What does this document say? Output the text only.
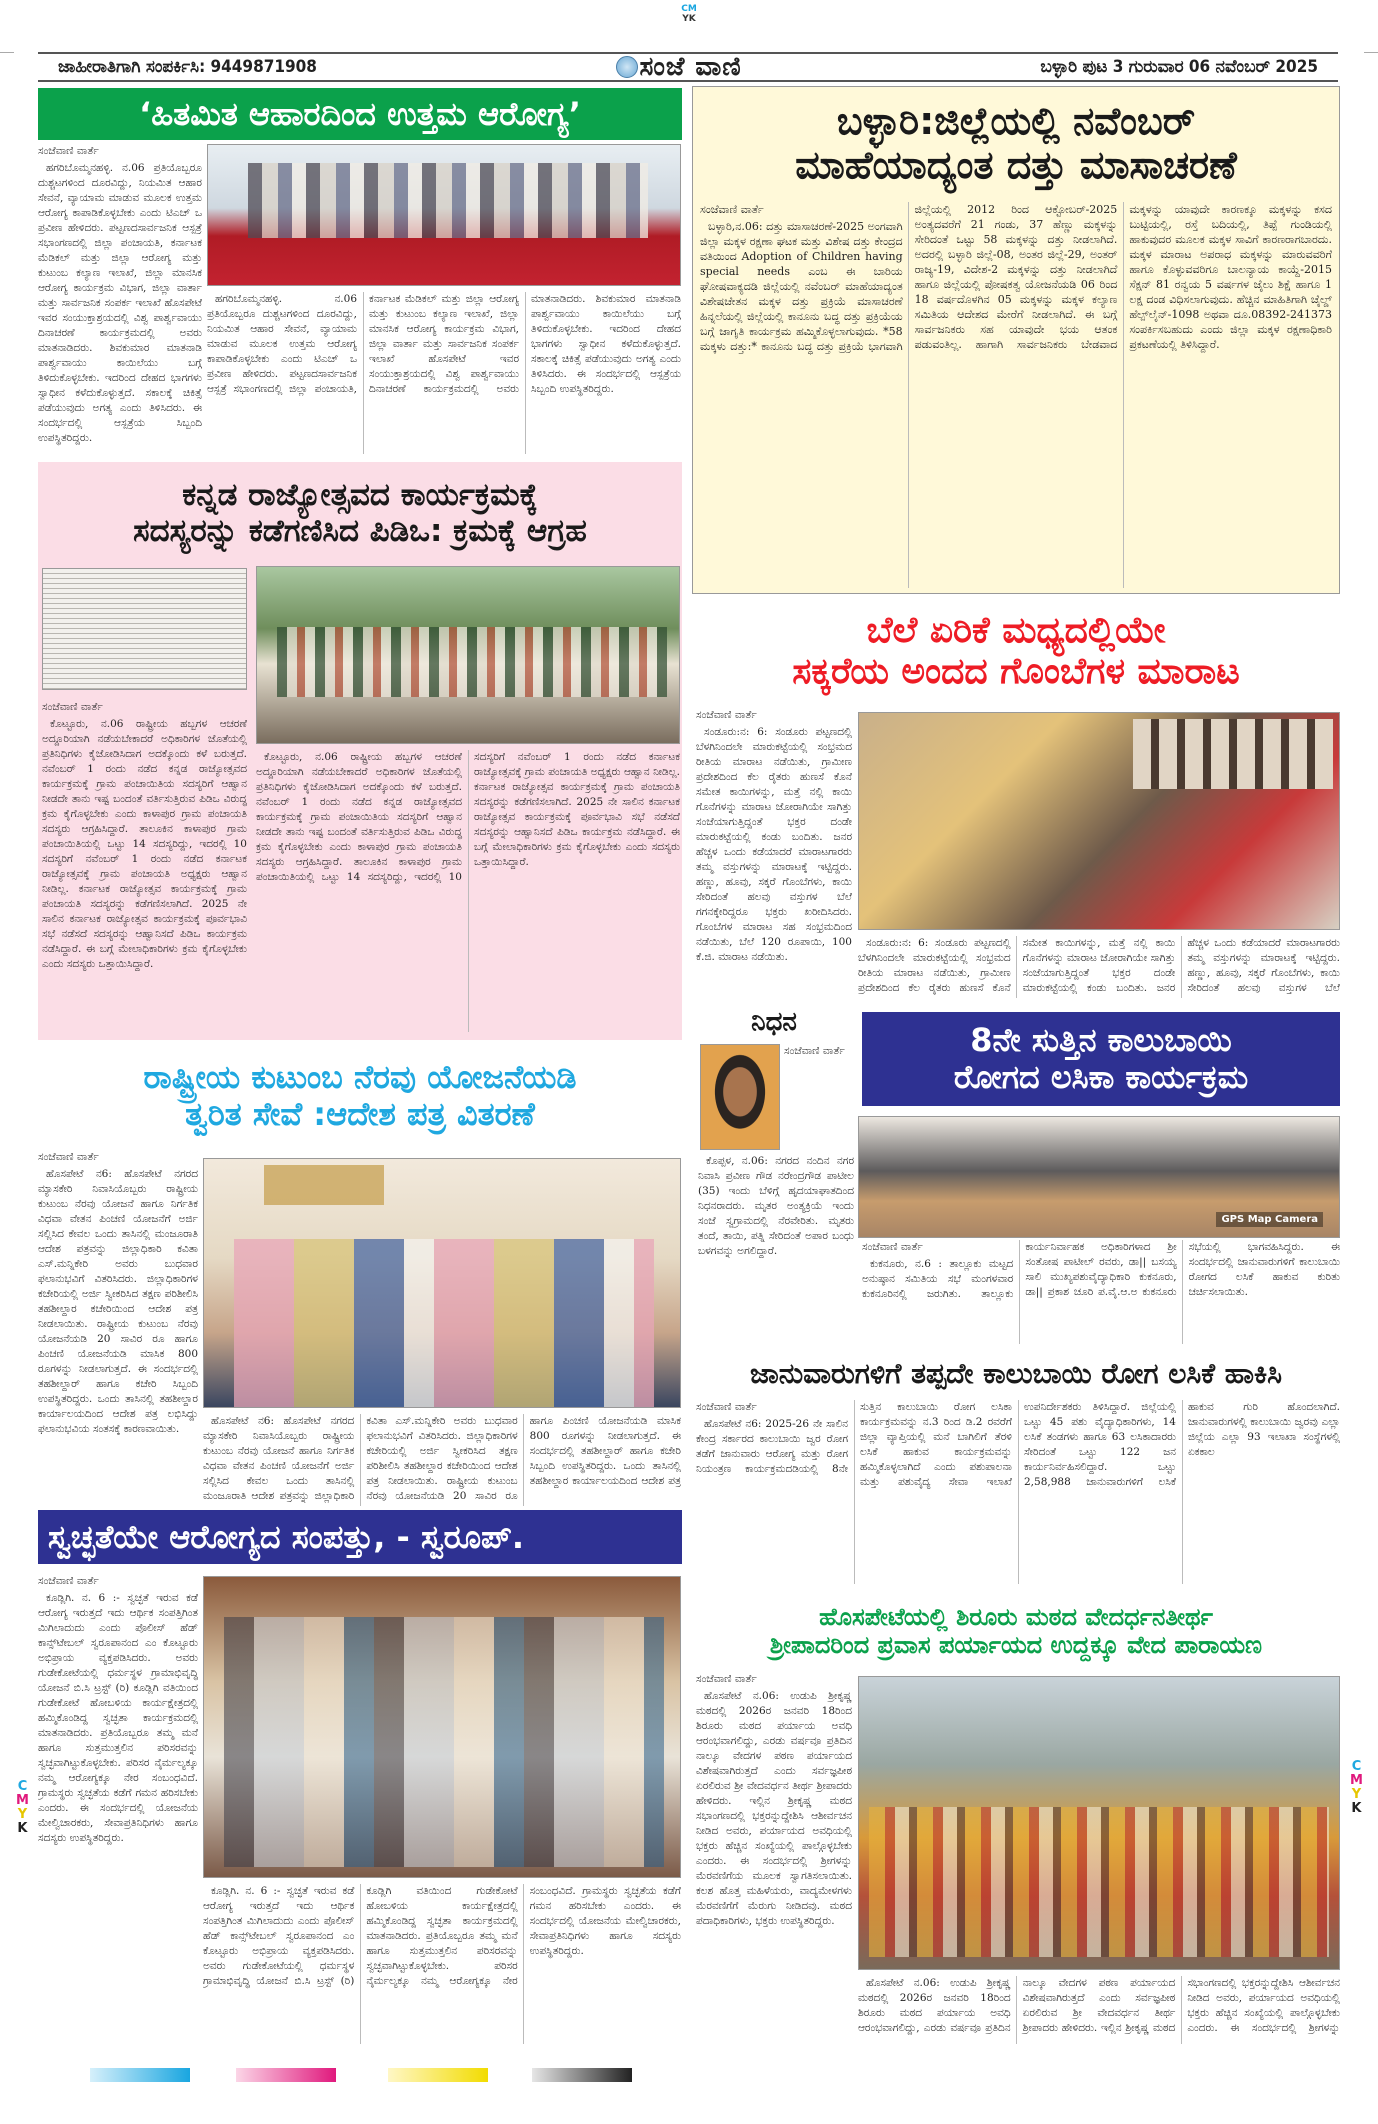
CM
YK
ಜಾಹೀರಾತಿಗಾಗಿ ಸಂಪರ್ಕಿಸಿ: 9449871908	ಸಂಜೆ ವಾಣಿ	ಬಳ್ಳಾರಿ ಪುಟ 3 ಗುರುವಾರ 06 ನವೆಂಬರ್ 2025
‘ಹಿತಮಿತ ಆಹಾರದಿಂದ ಉತ್ತಮ ಆರೋಗ್ಯ’

ಸಂಜೆವಾಣಿ ವಾರ್ತೆ

ಹಗರಿಬೊಮ್ಮನಹಳ್ಳಿ. ನ.06 ಪ್ರತಿಯೊಬ್ಬರೂ ದುಶ್ಚಟಗಳಿಂದ ದೂರವಿದ್ದು, ನಿಯಮಿತ ಆಹಾರ ಸೇವನೆ, ವ್ಯಾಯಾಮ ಮಾಡುವ ಮೂಲಕ ಉತ್ತಮ ಆರೋಗ್ಯ ಕಾಪಾಡಿಕೊಳ್ಳಬೇಕು ಎಂದು ಟಿಎಚ್ ಒ ಪ್ರವೀಣ ಹೇಳಿದರು. ಪಟ್ಟಣದಸಾರ್ವಜನಿಕ ಆಸ್ಪತ್ರೆ ಸಭಾಂಗಣದಲ್ಲಿ ಜಿಲ್ಲಾ ಪಂಚಾಯತಿ, ಕರ್ನಾಟಕ ಮೆಡಿಕಲ್ ಮತ್ತು ಜಿಲ್ಲಾ ಆರೋಗ್ಯ ಮತ್ತು ಕುಟುಂಬ ಕಲ್ಯಾಣ ಇಲಾಖೆ, ಜಿಲ್ಲಾ ಮಾನಸಿಕ ಆರೋಗ್ಯ ಕಾರ್ಯಕ್ರಮ ವಿಭಾಗ, ಜಿಲ್ಲಾ ವಾರ್ತಾ ಮತ್ತು ಸಾರ್ವಜನಿಕ ಸಂಪರ್ಕ ಇಲಾಖೆ ಹೊಸಪೇಟೆ ಇವರ ಸಂಯುಕ್ತಾಶ್ರಯದಲ್ಲಿ ವಿಶ್ವ ಪಾರ್ಶ್ವವಾಯು ದಿನಾಚರಣೆ ಕಾರ್ಯಕ್ರಮದಲ್ಲಿ ಅವರು ಮಾತನಾಡಿದರು. ಶಿವಕುಮಾರ ಮಾತನಾಡಿ ಪಾರ್ಶ್ವವಾಯು ಕಾಯಿಲೆಯು ಬಗ್ಗೆ ತಿಳಿದುಕೊಳ್ಳಬೇಕು. ಇದರಿಂದ ದೇಹದ ಭಾಗಗಳು ಸ್ವಾಧೀನ ಕಳೆದುಕೊಳ್ಳುತ್ತದೆ. ಸಕಾಲಕ್ಕೆ ಚಿಕಿತ್ಸೆ ಪಡೆಯುವುದು ಅಗತ್ಯ ಎಂದು ತಿಳಿಸಿದರು. ಈ ಸಂದರ್ಭದಲ್ಲಿ ಆಸ್ಪತ್ರೆಯ ಸಿಬ್ಬಂದಿ ಉಪಸ್ಥಿತರಿದ್ದರು.

ಹಗರಿಬೊಮ್ಮನಹಳ್ಳಿ. ನ.06 ಪ್ರತಿಯೊಬ್ಬರೂ ದುಶ್ಚಟಗಳಿಂದ ದೂರವಿದ್ದು, ನಿಯಮಿತ ಆಹಾರ ಸೇವನೆ, ವ್ಯಾಯಾಮ ಮಾಡುವ ಮೂಲಕ ಉತ್ತಮ ಆರೋಗ್ಯ ಕಾಪಾಡಿಕೊಳ್ಳಬೇಕು ಎಂದು ಟಿಎಚ್ ಒ ಪ್ರವೀಣ ಹೇಳಿದರು. ಪಟ್ಟಣದಸಾರ್ವಜನಿಕ ಆಸ್ಪತ್ರೆ ಸಭಾಂಗಣದಲ್ಲಿ ಜಿಲ್ಲಾ ಪಂಚಾಯತಿ, ಕರ್ನಾಟಕ ಮೆಡಿಕಲ್ ಮತ್ತು ಜಿಲ್ಲಾ ಆರೋಗ್ಯ ಮತ್ತು ಕುಟುಂಬ ಕಲ್ಯಾಣ ಇಲಾಖೆ, ಜಿಲ್ಲಾ ಮಾನಸಿಕ ಆರೋಗ್ಯ ಕಾರ್ಯಕ್ರಮ ವಿಭಾಗ, ಜಿಲ್ಲಾ ವಾರ್ತಾ ಮತ್ತು ಸಾರ್ವಜನಿಕ ಸಂಪರ್ಕ ಇಲಾಖೆ ಹೊಸಪೇಟೆ ಇವರ ಸಂಯುಕ್ತಾಶ್ರಯದಲ್ಲಿ ವಿಶ್ವ ಪಾರ್ಶ್ವವಾಯು ದಿನಾಚರಣೆ ಕಾರ್ಯಕ್ರಮದಲ್ಲಿ ಅವರು ಮಾತನಾಡಿದರು. ಶಿವಕುಮಾರ ಮಾತನಾಡಿ ಪಾರ್ಶ್ವವಾಯು ಕಾಯಿಲೆಯು ಬಗ್ಗೆ ತಿಳಿದುಕೊಳ್ಳಬೇಕು. ಇದರಿಂದ ದೇಹದ ಭಾಗಗಳು ಸ್ವಾಧೀನ ಕಳೆದುಕೊಳ್ಳುತ್ತದೆ. ಸಕಾಲಕ್ಕೆ ಚಿಕಿತ್ಸೆ ಪಡೆಯುವುದು ಅಗತ್ಯ ಎಂದು ತಿಳಿಸಿದರು. ಈ ಸಂದರ್ಭದಲ್ಲಿ ಆಸ್ಪತ್ರೆಯ ಸಿಬ್ಬಂದಿ ಉಪಸ್ಥಿತರಿದ್ದರು.

ಕನ್ನಡ ರಾಜ್ಯೋತ್ಸವದ ಕಾರ್ಯಕ್ರಮಕ್ಕೆ
ಸದಸ್ಯರನ್ನು ಕಡೆಗಣಿಸಿದ ಪಿಡಿಒ: ಕ್ರಮಕ್ಕೆ ಆಗ್ರಹ

ಸಂಜೆವಾಣಿ ವಾರ್ತೆ

ಕೊಟ್ಟೂರು, ನ.06 ರಾಷ್ಟ್ರೀಯ ಹಬ್ಬಗಳ ಆಚರಣೆ ಅದ್ದೂರಿಯಾಗಿ ನಡೆಯಬೇಕಾದರೆ ಅಧಿಕಾರಿಗಳ ಜೊತೆಯಲ್ಲಿ ಪ್ರತಿನಿಧಿಗಳು ಕೈಜೋಡಿಸಿದಾಗ ಅದಕ್ಕೊಂದು ಕಳೆ ಬರುತ್ತದೆ. ನವೆಂಬರ್ 1 ರಂದು ನಡೆದ ಕನ್ನಡ ರಾಜ್ಯೋತ್ಸವದ ಕಾರ್ಯಕ್ರಮಕ್ಕೆ ಗ್ರಾಮ ಪಂಚಾಯಿತಿಯ ಸದಸ್ಯರಿಗೆ ಆಹ್ವಾನ ನೀಡದೇ ತಾನು ಇಷ್ಟ ಬಂದಂತೆ ವರ್ತಿಸುತ್ತಿರುವ ಪಿಡಿಒ ವಿರುದ್ಧ ಕ್ರಮ ಕೈಗೊಳ್ಳಬೇಕು ಎಂದು ಕಾಳಾಪುರ ಗ್ರಾಮ ಪಂಚಾಯತಿ ಸದಸ್ಯರು ಆಗ್ರಹಿಸಿದ್ದಾರೆ. ತಾಲೂಕಿನ ಕಾಳಾಪುರ ಗ್ರಾಮ ಪಂಚಾಯಿತಿಯಲ್ಲಿ ಒಟ್ಟು 14 ಸದಸ್ಯರಿದ್ದು, ಇದರಲ್ಲಿ 10 ಸದಸ್ಯರಿಗೆ ನವೆಂಬರ್ 1 ರಂದು ನಡೆದ ಕರ್ನಾಟಕ ರಾಜ್ಯೋತ್ಸವಕ್ಕೆ ಗ್ರಾಮ ಪಂಚಾಯತಿ ಅಧ್ಯಕ್ಷರು ಆಹ್ವಾನ ನೀಡಿಲ್ಲ. ಕರ್ನಾಟಕ ರಾಜ್ಯೋತ್ಸವ ಕಾರ್ಯಕ್ರಮಕ್ಕೆ ಗ್ರಾಮ ಪಂಚಾಯತಿ ಸದಸ್ಯರನ್ನು ಕಡೆಗಣಿಸಲಾಗಿದೆ. 2025 ನೇ ಸಾಲಿನ ಕರ್ನಾಟಕ ರಾಜ್ಯೋತ್ಸವ ಕಾರ್ಯಕ್ರಮಕ್ಕೆ ಪೂರ್ವಭಾವಿ ಸಭೆ ನಡೆಸದೆ ಸದಸ್ಯರನ್ನು ಆಹ್ವಾನಿಸದೆ ಪಿಡಿಒ ಕಾರ್ಯಕ್ರಮ ನಡೆಸಿದ್ದಾರೆ. ಈ ಬಗ್ಗೆ ಮೇಲಾಧಿಕಾರಿಗಳು ಕ್ರಮ ಕೈಗೊಳ್ಳಬೇಕು ಎಂದು ಸದಸ್ಯರು ಒತ್ತಾಯಿಸಿದ್ದಾರೆ.

ಕೊಟ್ಟೂರು, ನ.06 ರಾಷ್ಟ್ರೀಯ ಹಬ್ಬಗಳ ಆಚರಣೆ ಅದ್ದೂರಿಯಾಗಿ ನಡೆಯಬೇಕಾದರೆ ಅಧಿಕಾರಿಗಳ ಜೊತೆಯಲ್ಲಿ ಪ್ರತಿನಿಧಿಗಳು ಕೈಜೋಡಿಸಿದಾಗ ಅದಕ್ಕೊಂದು ಕಳೆ ಬರುತ್ತದೆ. ನವೆಂಬರ್ 1 ರಂದು ನಡೆದ ಕನ್ನಡ ರಾಜ್ಯೋತ್ಸವದ ಕಾರ್ಯಕ್ರಮಕ್ಕೆ ಗ್ರಾಮ ಪಂಚಾಯಿತಿಯ ಸದಸ್ಯರಿಗೆ ಆಹ್ವಾನ ನೀಡದೇ ತಾನು ಇಷ್ಟ ಬಂದಂತೆ ವರ್ತಿಸುತ್ತಿರುವ ಪಿಡಿಒ ವಿರುದ್ಧ ಕ್ರಮ ಕೈಗೊಳ್ಳಬೇಕು ಎಂದು ಕಾಳಾಪುರ ಗ್ರಾಮ ಪಂಚಾಯತಿ ಸದಸ್ಯರು ಆಗ್ರಹಿಸಿದ್ದಾರೆ. ತಾಲೂಕಿನ ಕಾಳಾಪುರ ಗ್ರಾಮ ಪಂಚಾಯಿತಿಯಲ್ಲಿ ಒಟ್ಟು 14 ಸದಸ್ಯರಿದ್ದು, ಇದರಲ್ಲಿ 10 ಸದಸ್ಯರಿಗೆ ನವೆಂಬರ್ 1 ರಂದು ನಡೆದ ಕರ್ನಾಟಕ ರಾಜ್ಯೋತ್ಸವಕ್ಕೆ ಗ್ರಾಮ ಪಂಚಾಯತಿ ಅಧ್ಯಕ್ಷರು ಆಹ್ವಾನ ನೀಡಿಲ್ಲ. ಕರ್ನಾಟಕ ರಾಜ್ಯೋತ್ಸವ ಕಾರ್ಯಕ್ರಮಕ್ಕೆ ಗ್ರಾಮ ಪಂಚಾಯತಿ ಸದಸ್ಯರನ್ನು ಕಡೆಗಣಿಸಲಾಗಿದೆ. 2025 ನೇ ಸಾಲಿನ ಕರ್ನಾಟಕ ರಾಜ್ಯೋತ್ಸವ ಕಾರ್ಯಕ್ರಮಕ್ಕೆ ಪೂರ್ವಭಾವಿ ಸಭೆ ನಡೆಸದೆ ಸದಸ್ಯರನ್ನು ಆಹ್ವಾನಿಸದೆ ಪಿಡಿಒ ಕಾರ್ಯಕ್ರಮ ನಡೆಸಿದ್ದಾರೆ. ಈ ಬಗ್ಗೆ ಮೇಲಾಧಿಕಾರಿಗಳು ಕ್ರಮ ಕೈಗೊಳ್ಳಬೇಕು ಎಂದು ಸದಸ್ಯರು ಒತ್ತಾಯಿಸಿದ್ದಾರೆ.

ರಾಷ್ಟ್ರೀಯ ಕುಟುಂಬ ನೆರವು ಯೋಜನೆಯಡಿ
ತ್ವರಿತ ಸೇವೆ :ಆದೇಶ ಪತ್ರ ವಿತರಣೆ

ಸಂಜೆವಾಣಿ ವಾರ್ತೆ

ಹೊಸಪೇಟೆ ನ6: ಹೊಸಪೇಟೆ ನಗರದ ಮ್ಯಾಸಕೇರಿ ನಿವಾಸಿಯೊಬ್ಬರು ರಾಷ್ಟ್ರೀಯ ಕುಟುಂಬ ನೆರವು ಯೋಜನೆ ಹಾಗೂ ನಿರ್ಗತಿಕ ವಿಧವಾ ವೇತನ ಪಿಂಚಣಿ ಯೋಜನೆಗೆ ಅರ್ಜಿ ಸಲ್ಲಿಸಿದ ಕೇವಲ ಒಂದು ತಾಸಿನಲ್ಲಿ ಮಂಜೂರಾತಿ ಆದೇಶ ಪತ್ರವನ್ನು ಜಿಲ್ಲಾಧಿಕಾರಿ ಕವಿತಾ ಎಸ್.ಮನ್ನಿಕೇರಿ ಅವರು ಬುಧವಾರ ಫಲಾನುಭವಿಗೆ ವಿತರಿಸಿದರು. ಜಿಲ್ಲಾಧಿಕಾರಿಗಳ ಕಚೇರಿಯಲ್ಲಿ ಅರ್ಜಿ ಸ್ವೀಕರಿಸಿದ ತಕ್ಷಣ ಪರಿಶೀಲಿಸಿ ತಹಶೀಲ್ದಾರ ಕಚೇರಿಯಿಂದ ಆದೇಶ ಪತ್ರ ನೀಡಲಾಯಿತು. ರಾಷ್ಟ್ರೀಯ ಕುಟುಂಬ ನೆರವು ಯೋಜನೆಯಡಿ 20 ಸಾವಿರ ರೂ ಹಾಗೂ ಪಿಂಚಣಿ ಯೋಜನೆಯಡಿ ಮಾಸಿಕ 800 ರೂಗಳನ್ನು ನೀಡಲಾಗುತ್ತದೆ. ಈ ಸಂದರ್ಭದಲ್ಲಿ ತಹಶೀಲ್ದಾರ್ ಹಾಗೂ ಕಚೇರಿ ಸಿಬ್ಬಂದಿ ಉಪಸ್ಥಿತರಿದ್ದರು. ಒಂದು ತಾಸಿನಲ್ಲಿ ತಹಶೀಲ್ದಾರ ಕಾರ್ಯಾಲಯದಿಂದ ಆದೇಶ ಪತ್ರ ಲಭಿಸಿದ್ದು ಫಲಾನುಭವಿಯ ಸಂತಸಕ್ಕೆ ಕಾರಣವಾಯಿತು.

ಹೊಸಪೇಟೆ ನ6: ಹೊಸಪೇಟೆ ನಗರದ ಮ್ಯಾಸಕೇರಿ ನಿವಾಸಿಯೊಬ್ಬರು ರಾಷ್ಟ್ರೀಯ ಕುಟುಂಬ ನೆರವು ಯೋಜನೆ ಹಾಗೂ ನಿರ್ಗತಿಕ ವಿಧವಾ ವೇತನ ಪಿಂಚಣಿ ಯೋಜನೆಗೆ ಅರ್ಜಿ ಸಲ್ಲಿಸಿದ ಕೇವಲ ಒಂದು ತಾಸಿನಲ್ಲಿ ಮಂಜೂರಾತಿ ಆದೇಶ ಪತ್ರವನ್ನು ಜಿಲ್ಲಾಧಿಕಾರಿ ಕವಿತಾ ಎಸ್.ಮನ್ನಿಕೇರಿ ಅವರು ಬುಧವಾರ ಫಲಾನುಭವಿಗೆ ವಿತರಿಸಿದರು. ಜಿಲ್ಲಾಧಿಕಾರಿಗಳ ಕಚೇರಿಯಲ್ಲಿ ಅರ್ಜಿ ಸ್ವೀಕರಿಸಿದ ತಕ್ಷಣ ಪರಿಶೀಲಿಸಿ ತಹಶೀಲ್ದಾರ ಕಚೇರಿಯಿಂದ ಆದೇಶ ಪತ್ರ ನೀಡಲಾಯಿತು. ರಾಷ್ಟ್ರೀಯ ಕುಟುಂಬ ನೆರವು ಯೋಜನೆಯಡಿ 20 ಸಾವಿರ ರೂ ಹಾಗೂ ಪಿಂಚಣಿ ಯೋಜನೆಯಡಿ ಮಾಸಿಕ 800 ರೂಗಳನ್ನು ನೀಡಲಾಗುತ್ತದೆ. ಈ ಸಂದರ್ಭದಲ್ಲಿ ತಹಶೀಲ್ದಾರ್ ಹಾಗೂ ಕಚೇರಿ ಸಿಬ್ಬಂದಿ ಉಪಸ್ಥಿತರಿದ್ದರು. ಒಂದು ತಾಸಿನಲ್ಲಿ ತಹಶೀಲ್ದಾರ ಕಾರ್ಯಾಲಯದಿಂದ ಆದೇಶ ಪತ್ರ

ಸ್ವಚ್ಛತೆಯೇ ಆರೋಗ್ಯದ ಸಂಪತ್ತು, - ಸ್ವರೂಪ್.

ಸಂಜೆವಾಣಿ ವಾರ್ತೆ

ಕೂಡ್ಲಿಗಿ. ನ. 6 :- ಸ್ವಚ್ಛತೆ ಇರುವ ಕಡೆ ಆರೋಗ್ಯ ಇರುತ್ತದೆ ಇದು ಆರ್ಥಿಕ ಸಂಪತ್ತಿಗಿಂತ ಮಿಗಿಲಾದುದು ಎಂದು ಪೊಲೀಸ್ ಹೆಡ್ ಕಾನ್ಸ್‌ಟೇಬಲ್ ಸ್ವರೂಪಾನಂದ ಎಂ ಕೊಟ್ಟೂರು ಅಭಿಪ್ರಾಯ ವ್ಯಕ್ತಪಡಿಸಿದರು. ಅವರು ಗುಡೇಕೋಟೆಯಲ್ಲಿ ಧರ್ಮಸ್ಥಳ ಗ್ರಾಮಾಭಿವೃದ್ಧಿ ಯೋಜನೆ ಬಿ.ಸಿ ಟ್ರಸ್ಟ್ (ರಿ) ಕೂಡ್ಲಿಗಿ ವತಿಯಿಂದ ಗುಡೇಕೋಟೆ ಹೋಬಳಿಯ ಕಾರ್ಯಕ್ಷೇತ್ರದಲ್ಲಿ ಹಮ್ಮಿಕೊಂಡಿದ್ದ ಸ್ವಚ್ಛತಾ ಕಾರ್ಯಕ್ರಮದಲ್ಲಿ ಮಾತನಾಡಿದರು. ಪ್ರತಿಯೊಬ್ಬರೂ ತಮ್ಮ ಮನೆ ಹಾಗೂ ಸುತ್ತಮುತ್ತಲಿನ ಪರಿಸರವನ್ನು ಸ್ವಚ್ಛವಾಗಿಟ್ಟುಕೊಳ್ಳಬೇಕು. ಪರಿಸರ ನೈರ್ಮಲ್ಯಕ್ಕೂ ನಮ್ಮ ಆರೋಗ್ಯಕ್ಕೂ ನೇರ ಸಂಬಂಧವಿದೆ. ಗ್ರಾಮಸ್ಥರು ಸ್ವಚ್ಛತೆಯ ಕಡೆಗೆ ಗಮನ ಹರಿಸಬೇಕು ಎಂದರು. ಈ ಸಂದರ್ಭದಲ್ಲಿ ಯೋಜನೆಯ ಮೇಲ್ವಿಚಾರಕರು, ಸೇವಾಪ್ರತಿನಿಧಿಗಳು ಹಾಗೂ ಸದಸ್ಯರು ಉಪಸ್ಥಿತರಿದ್ದರು.

ಕೂಡ್ಲಿಗಿ. ನ. 6 :- ಸ್ವಚ್ಛತೆ ಇರುವ ಕಡೆ ಆರೋಗ್ಯ ಇರುತ್ತದೆ ಇದು ಆರ್ಥಿಕ ಸಂಪತ್ತಿಗಿಂತ ಮಿಗಿಲಾದುದು ಎಂದು ಪೊಲೀಸ್ ಹೆಡ್ ಕಾನ್ಸ್‌ಟೇಬಲ್ ಸ್ವರೂಪಾನಂದ ಎಂ ಕೊಟ್ಟೂರು ಅಭಿಪ್ರಾಯ ವ್ಯಕ್ತಪಡಿಸಿದರು. ಅವರು ಗುಡೇಕೋಟೆಯಲ್ಲಿ ಧರ್ಮಸ್ಥಳ ಗ್ರಾಮಾಭಿವೃದ್ಧಿ ಯೋಜನೆ ಬಿ.ಸಿ ಟ್ರಸ್ಟ್ (ರಿ) ಕೂಡ್ಲಿಗಿ ವತಿಯಿಂದ ಗುಡೇಕೋಟೆ ಹೋಬಳಿಯ ಕಾರ್ಯಕ್ಷೇತ್ರದಲ್ಲಿ ಹಮ್ಮಿಕೊಂಡಿದ್ದ ಸ್ವಚ್ಛತಾ ಕಾರ್ಯಕ್ರಮದಲ್ಲಿ ಮಾತನಾಡಿದರು. ಪ್ರತಿಯೊಬ್ಬರೂ ತಮ್ಮ ಮನೆ ಹಾಗೂ ಸುತ್ತಮುತ್ತಲಿನ ಪರಿಸರವನ್ನು ಸ್ವಚ್ಛವಾಗಿಟ್ಟುಕೊಳ್ಳಬೇಕು. ಪರಿಸರ ನೈರ್ಮಲ್ಯಕ್ಕೂ ನಮ್ಮ ಆರೋಗ್ಯಕ್ಕೂ ನೇರ ಸಂಬಂಧವಿದೆ. ಗ್ರಾಮಸ್ಥರು ಸ್ವಚ್ಛತೆಯ ಕಡೆಗೆ ಗಮನ ಹರಿಸಬೇಕು ಎಂದರು. ಈ ಸಂದರ್ಭದಲ್ಲಿ ಯೋಜನೆಯ ಮೇಲ್ವಿಚಾರಕರು, ಸೇವಾಪ್ರತಿನಿಧಿಗಳು ಹಾಗೂ ಸದಸ್ಯರು ಉಪಸ್ಥಿತರಿದ್ದರು.

ಬಳ್ಳಾರಿ:ಜಿಲ್ಲೆಯಲ್ಲಿ ನವೆಂಬರ್
ಮಾಹೆಯಾದ್ಯಂತ ದತ್ತು ಮಾಸಾಚರಣೆ

ಸಂಜೆವಾಣಿ ವಾರ್ತೆ

ಬಳ್ಳಾರಿ,ನ.06: ದತ್ತು ಮಾಸಾಚರಣೆ-2025 ಅಂಗವಾಗಿ ಜಿಲ್ಲಾ ಮಕ್ಕಳ ರಕ್ಷಣಾ ಘಟಕ ಮತ್ತು ವಿಶೇಷ ದತ್ತು ಕೇಂದ್ರದ ವತಿಯಿಂದ Adoption of Children having special needs ಎಂಬ ಈ ಬಾರಿಯ ಘೋಷವಾಕ್ಯದಡಿ ಜಿಲ್ಲೆಯಲ್ಲಿ ನವೆಂಬರ್ ಮಾಹೆಯಾದ್ಯಂತ ವಿಶೇಷಚೇತನ ಮಕ್ಕಳ ದತ್ತು ಪ್ರಕ್ರಿಯೆ ಮಾಸಾಚರಣೆ ಹಿನ್ನಲೆಯಲ್ಲಿ ಜಿಲ್ಲೆಯಲ್ಲಿ ಕಾನೂನು ಬದ್ಧ ದತ್ತು ಪ್ರಕ್ರಿಯೆಯ ಬಗ್ಗೆ ಜಾಗೃತಿ ಕಾರ್ಯಕ್ರಮ ಹಮ್ಮಿಕೊಳ್ಳಲಾಗುವುದು. *58 ಮಕ್ಕಳು ದತ್ತು:* ಕಾನೂನು ಬದ್ಧ ದತ್ತು ಪ್ರಕ್ರಿಯೆ ಭಾಗವಾಗಿ ಜಿಲ್ಲೆಯಲ್ಲಿ 2012 ರಿಂದ ಆಕ್ಟೋಬರ್-2025 ಅಂತ್ಯದವರೆಗೆ 21 ಗಂಡು, 37 ಹೆಣ್ಣು ಮಕ್ಕಳನ್ನು ಸೇರಿದಂತೆ ಒಟ್ಟು 58 ಮಕ್ಕಳನ್ನು ದತ್ತು ನೀಡಲಾಗಿದೆ. ಅದರಲ್ಲಿ ಬಳ್ಳಾರಿ ಜಿಲ್ಲೆ-08, ಅಂತರ ಜಿಲ್ಲೆ-29, ಅಂತರ್ ರಾಜ್ಯ-19, ವಿದೇಶ-2 ಮಕ್ಕಳನ್ನು ದತ್ತು ನೀಡಲಾಗಿದೆ ಹಾಗೂ ಜಿಲ್ಲೆಯಲ್ಲಿ ಪೋಷಕತ್ವ ಯೋಜನೆಯಡಿ 06 ರಿಂದ 18 ವರ್ಷದೊಳಗಿನ 05 ಮಕ್ಕಳನ್ನು ಮಕ್ಕಳ ಕಲ್ಯಾಣ ಸಮಿತಿಯ ಆದೇಶದ ಮೇರೆಗೆ ನೀಡಲಾಗಿದೆ. ಈ ಬಗ್ಗೆ ಸಾರ್ವಜನಿಕರು ಸಹ ಯಾವುದೇ ಭಯ ಆತಂಕ ಪಡುವಂತಿಲ್ಲ. ಹಾಗಾಗಿ ಸಾರ್ವಜನಿಕರು ಬೇಡವಾದ ಮಕ್ಕಳನ್ನು ಯಾವುದೇ ಕಾರಣಕ್ಕೂ ಮಕ್ಕಳನ್ನು ಕಸದ ಬುಟ್ಟಿಯಲ್ಲಿ, ರಸ್ತೆ ಬದಿಯಲ್ಲಿ, ತಿಪ್ಪೆ ಗುಂಡಿಯಲ್ಲಿ ಹಾಕುವುದರ ಮೂಲಕ ಮಕ್ಕಳ ಸಾವಿಗೆ ಕಾರಣರಾಗಬಾರದು. ಮಕ್ಕಳ ಮಾರಾಟ ಅಪರಾಧ ಮಕ್ಕಳನ್ನು ಮಾರುವವರಿಗೆ ಹಾಗೂ ಕೊಳ್ಳುವವರಿಗೂ ಬಾಲನ್ಯಾಯ ಕಾಯ್ದೆ-2015 ಸೆಕ್ಷನ್ 81 ರನ್ವಯ 5 ವರ್ಷಗಳ ಜೈಲು ಶಿಕ್ಷೆ ಹಾಗೂ 1 ಲಕ್ಷ ದಂಡ ವಿಧಿಸಲಾಗುವುದು. ಹೆಚ್ಚಿನ ಮಾಹಿತಿಗಾಗಿ ಚೈಲ್ಡ್ ಹೆಲ್ಪ್‌ಲೈನ್-1098 ಅಥವಾ ದೂ.08392-241373 ಸಂಪರ್ಕಿಸಬಹುದು ಎಂದು ಜಿಲ್ಲಾ ಮಕ್ಕಳ ರಕ್ಷಣಾಧಿಕಾರಿ ಪ್ರಕಟಣೆಯಲ್ಲಿ ತಿಳಿಸಿದ್ದಾರೆ.

ಬೆಲೆ ಏರಿಕೆ ಮಧ್ಯದಲ್ಲಿಯೇ
ಸಕ್ಕರೆಯ ಅಂದದ ಗೊಂಬೆಗಳ ಮಾರಾಟ

ಸಂಜೆವಾಣಿ ವಾರ್ತೆ

ಸಂಡೂರು:ನ: 6: ಸಂಡೂರು ಪಟ್ಟಣದಲ್ಲಿ ಬೆಳಗಿನಿಂದಲೇ ಮಾರುಕಟ್ಟೆಯಲ್ಲಿ ಸಂಭ್ರಮದ ರೀತಿಯ ಮಾರಾಟ ನಡೆಯಿತು, ಗ್ರಾಮೀಣ ಪ್ರದೇಶದಿಂದ ಕೆಲ ರೈತರು ಹುಣಸೆ ಕೊನೆ ಸಮೇತ ಕಾಯಿಗಳನ್ನು, ಮತ್ತೆ ನಲ್ಲಿ ಕಾಯಿ ಗೊನೆಗಳನ್ನು ಮಾರಾಟ ಜೋರಾಗಿಯೇ ಸಾಗಿತ್ತು ಸಂಜೆಯಾಗುತ್ತಿದ್ದಂತೆ ಭಕ್ತರ ದಂಡೇ ಮಾರುಕಟ್ಟೆಯಲ್ಲಿ ಕಂಡು ಬಂದಿತು. ಜನರ ಹೆಚ್ಚಳ ಒಂದು ಕಡೆಯಾದರೆ ಮಾರಾಟಗಾರರು ತಮ್ಮ ವಸ್ತುಗಳನ್ನು ಮಾರಾಟಕ್ಕೆ ಇಟ್ಟಿದ್ದರು. ಹಣ್ಣು, ಹೂವು, ಸಕ್ಕರೆ ಗೊಂಬೆಗಳು, ಕಾಯಿ ಸೇರಿದಂತೆ ಹಲವು ವಸ್ತುಗಳ ಬೆಲೆ ಗಗನಕ್ಕೇರಿದ್ದರೂ ಭಕ್ತರು ಖರೀದಿಸಿದರು. ಗೊಂಬೆಗಳ ಮಾರಾಟ ಸಹ ಸಂಭ್ರಮದಿಂದ ನಡೆಯಿತು, ಬೆಲೆ 120 ರೂಪಾಯಿ, 100 ಕೆ.ಜಿ. ಮಾರಾಟ ನಡೆಯಿತು.

ಸಂಡೂರು:ನ: 6: ಸಂಡೂರು ಪಟ್ಟಣದಲ್ಲಿ ಬೆಳಗಿನಿಂದಲೇ ಮಾರುಕಟ್ಟೆಯಲ್ಲಿ ಸಂಭ್ರಮದ ರೀತಿಯ ಮಾರಾಟ ನಡೆಯಿತು, ಗ್ರಾಮೀಣ ಪ್ರದೇಶದಿಂದ ಕೆಲ ರೈತರು ಹುಣಸೆ ಕೊನೆ ಸಮೇತ ಕಾಯಿಗಳನ್ನು, ಮತ್ತೆ ನಲ್ಲಿ ಕಾಯಿ ಗೊನೆಗಳನ್ನು ಮಾರಾಟ ಜೋರಾಗಿಯೇ ಸಾಗಿತ್ತು ಸಂಜೆಯಾಗುತ್ತಿದ್ದಂತೆ ಭಕ್ತರ ದಂಡೇ ಮಾರುಕಟ್ಟೆಯಲ್ಲಿ ಕಂಡು ಬಂದಿತು. ಜನರ ಹೆಚ್ಚಳ ಒಂದು ಕಡೆಯಾದರೆ ಮಾರಾಟಗಾರರು ತಮ್ಮ ವಸ್ತುಗಳನ್ನು ಮಾರಾಟಕ್ಕೆ ಇಟ್ಟಿದ್ದರು. ಹಣ್ಣು, ಹೂವು, ಸಕ್ಕರೆ ಗೊಂಬೆಗಳು, ಕಾಯಿ ಸೇರಿದಂತೆ ಹಲವು ವಸ್ತುಗಳ ಬೆಲೆ

ನಿಧನ

ಸಂಜೆವಾಣಿ ವಾರ್ತೆ

ಕೊಪ್ಪಳ, ನ.06: ನಗರದ ನಂದಿನ ನಗರ ನಿವಾಸಿ ಪ್ರವೀಣ ಗೌಡ ನರೇಂದ್ರಗೌಡ ಪಾಟೀಲ (35) ಇಂದು ಬೆಳಿಗ್ಗೆ ಹೃದಯಾಘಾತದಿಂದ ನಿಧನರಾದರು. ಮೃತರ ಅಂತ್ಯಕ್ರಿಯೆ ಇಂದು ಸಂಜೆ ಸ್ವಗ್ರಾಮದಲ್ಲಿ ನೆರವೇರಿತು. ಮೃತರು ತಂದೆ, ತಾಯಿ, ಪತ್ನಿ ಸೇರಿದಂತೆ ಅಪಾರ ಬಂಧು ಬಳಗವನ್ನು ಅಗಲಿದ್ದಾರೆ.

8ನೇ ಸುತ್ತಿನ ಕಾಲುಬಾಯಿ
ರೋಗದ ಲಸಿಕಾ ಕಾರ್ಯಕ್ರಮ
GPS Map Camera

ಸಂಜೆವಾಣಿ ವಾರ್ತೆ

ಕುಕನೂರು, ನ.6 : ತಾಲ್ಲೂಕು ಮಟ್ಟದ ಅನುಷ್ಠಾನ ಸಮಿತಿಯ ಸಭೆ ಮಂಗಳವಾರ ಕುಕನೂರಿನಲ್ಲಿ ಜರುಗಿತು. ತಾಲ್ಲೂಕು ಕಾರ್ಯನಿರ್ವಾಹಕ ಅಧಿಕಾರಿಗಳಾದ ಶ್ರೀ ಸಂತೋಷ ಪಾಟೀಲ್ ರವರು, ಡಾ|| ಬಸಯ್ಯ ಸಾಲಿ ಮುಖ್ಯಪಶುವೈದ್ಯಾಧಿಕಾರಿ ಕುಕನೂರು, ಡಾ|| ಪ್ರಕಾಶ ಚೂರಿ ಪ.ವೈ.ಆ.ಅ ಕುಕನೂರು ಸಭೆಯಲ್ಲಿ ಭಾಗವಹಿಸಿದ್ದರು. ಈ ಸಂದರ್ಭದಲ್ಲಿ ಜಾನುವಾರುಗಳಿಗೆ ಕಾಲುಬಾಯಿ ರೋಗದ ಲಸಿಕೆ ಹಾಕುವ ಕುರಿತು ಚರ್ಚಿಸಲಾಯಿತು.

ಜಾನುವಾರುಗಳಿಗೆ ತಪ್ಪದೇ ಕಾಲುಬಾಯಿ ರೋಗ ಲಸಿಕೆ ಹಾಕಿಸಿ

ಸಂಜೆವಾಣಿ ವಾರ್ತೆ

ಹೊಸಪೇಟೆ ನ6: 2025-26 ನೇ ಸಾಲಿನ ಕೇಂದ್ರ ಸರ್ಕಾರದ ಕಾಲುಬಾಯಿ ಜ್ವರ ರೋಗ ತಡೆಗೆ ಜಾನುವಾರು ಆರೋಗ್ಯ ಮತ್ತು ರೋಗ ನಿಯಂತ್ರಣ ಕಾರ್ಯಕ್ರಮದಡಿಯಲ್ಲಿ 8ನೇ ಸುತ್ತಿನ ಕಾಲುಬಾಯಿ ರೋಗ ಲಸಿಕಾ ಕಾರ್ಯಕ್ರಮವನ್ನು ನ.3 ರಿಂದ ಡಿ.2 ರವರೆಗೆ ಜಿಲ್ಲಾ ವ್ಯಾಪ್ತಿಯಲ್ಲಿ ಮನೆ ಬಾಗಿಲಿಗೆ ತೆರಳಿ ಲಸಿಕೆ ಹಾಕುವ ಕಾರ್ಯಕ್ರಮವನ್ನು ಹಮ್ಮಿಕೊಳ್ಳಲಾಗಿದೆ ಎಂದು ಪಶುಪಾಲನಾ ಮತ್ತು ಪಶುವೈದ್ಯ ಸೇವಾ ಇಲಾಖೆ ಉಪನಿರ್ದೇಶಕರು ತಿಳಿಸಿದ್ದಾರೆ. ಜಿಲ್ಲೆಯಲ್ಲಿ ಒಟ್ಟು 45 ಪಶು ವೈದ್ಯಾಧಿಕಾರಿಗಳು, 14 ಲಸಿಕೆ ತಂಡಗಳು ಹಾಗೂ 63 ಲಸಿಕಾದಾರರು ಸೇರಿದಂತೆ ಒಟ್ಟು 122 ಜನ ಕಾರ್ಯನಿರ್ವಹಿಸಲಿದ್ದಾರೆ. ಒಟ್ಟು 2,58,988 ಜಾನುವಾರುಗಳಿಗೆ ಲಸಿಕೆ ಹಾಕುವ ಗುರಿ ಹೊಂದಲಾಗಿದೆ. ಜಾನುವಾರುಗಳಲ್ಲಿ ಕಾಲುಬಾಯಿ ಜ್ವರವು ಎಲ್ಲಾ ಜಿಲ್ಲೆಯ ಎಲ್ಲಾ 93 ಇಲಾಖಾ ಸಂಸ್ಥೆಗಳಲ್ಲಿ ಏಕಕಾಲ

ಹೊಸಪೇಟೆಯಲ್ಲಿ ಶಿರೂರು ಮಠದ ವೇದರ್ಧನತೀರ್ಥ
ಶ್ರೀಪಾದರಿಂದ ಪ್ರವಾಸ ಪರ್ಯಾಯದ ಉದ್ದಕ್ಕೂ ವೇದ ಪಾರಾಯಣ

ಸಂಜೆವಾಣಿ ವಾರ್ತೆ

ಹೊಸಪೇಟೆ ನ.06: ಉಡುಪಿ ಶ್ರೀಕೃಷ್ಣ ಮಠದಲ್ಲಿ 2026ರ ಜನವರಿ 18ರಿಂದ ಶಿರೂರು ಮಠದ ಪರ್ಯಾಯ ಅವಧಿ ಆರಂಭವಾಗಲಿದ್ದು, ಎರಡು ವರ್ಷವೂ ಪ್ರತಿದಿನ ನಾಲ್ಕೂ ವೇದಗಳ ಪಠಣ ಪರ್ಯಾಯದ ವಿಶೇಷವಾಗಿರುತ್ತದೆ ಎಂದು ಸರ್ವಜ್ಞಪೀಠ ಏರಲಿರುವ ಶ್ರೀ ವೇದವರ್ಧನ ತೀರ್ಥ ಶ್ರೀಪಾದರು ಹೇಳಿದರು. ಇಲ್ಲಿನ ಶ್ರೀಕೃಷ್ಣ ಮಠದ ಸಭಾಂಗಣದಲ್ಲಿ ಭಕ್ತರನ್ನುದ್ದೇಶಿಸಿ ಆಶೀರ್ವಚನ ನೀಡಿದ ಅವರು, ಪರ್ಯಾಯದ ಅವಧಿಯಲ್ಲಿ ಭಕ್ತರು ಹೆಚ್ಚಿನ ಸಂಖ್ಯೆಯಲ್ಲಿ ಪಾಲ್ಗೊಳ್ಳಬೇಕು ಎಂದರು. ಈ ಸಂದರ್ಭದಲ್ಲಿ ಶ್ರೀಗಳನ್ನು ಮೆರವಣಿಗೆಯ ಮೂಲಕ ಸ್ವಾಗತಿಸಲಾಯಿತು. ಕಲಶ ಹೊತ್ತ ಮಹಿಳೆಯರು, ವಾದ್ಯಮೇಳಗಳು ಮೆರವಣಿಗೆಗೆ ಮೆರುಗು ನೀಡಿದವು. ಮಠದ ಪದಾಧಿಕಾರಿಗಳು, ಭಕ್ತರು ಉಪಸ್ಥಿತರಿದ್ದರು.

ಹೊಸಪೇಟೆ ನ.06: ಉಡುಪಿ ಶ್ರೀಕೃಷ್ಣ ಮಠದಲ್ಲಿ 2026ರ ಜನವರಿ 18ರಿಂದ ಶಿರೂರು ಮಠದ ಪರ್ಯಾಯ ಅವಧಿ ಆರಂಭವಾಗಲಿದ್ದು, ಎರಡು ವರ್ಷವೂ ಪ್ರತಿದಿನ ನಾಲ್ಕೂ ವೇದಗಳ ಪಠಣ ಪರ್ಯಾಯದ ವಿಶೇಷವಾಗಿರುತ್ತದೆ ಎಂದು ಸರ್ವಜ್ಞಪೀಠ ಏರಲಿರುವ ಶ್ರೀ ವೇದವರ್ಧನ ತೀರ್ಥ ಶ್ರೀಪಾದರು ಹೇಳಿದರು. ಇಲ್ಲಿನ ಶ್ರೀಕೃಷ್ಣ ಮಠದ ಸಭಾಂಗಣದಲ್ಲಿ ಭಕ್ತರನ್ನುದ್ದೇಶಿಸಿ ಆಶೀರ್ವಚನ ನೀಡಿದ ಅವರು, ಪರ್ಯಾಯದ ಅವಧಿಯಲ್ಲಿ ಭಕ್ತರು ಹೆಚ್ಚಿನ ಸಂಖ್ಯೆಯಲ್ಲಿ ಪಾಲ್ಗೊಳ್ಳಬೇಕು ಎಂದರು. ಈ ಸಂದರ್ಭದಲ್ಲಿ ಶ್ರೀಗಳನ್ನು

C
M
Y
K
C
M
Y
K
